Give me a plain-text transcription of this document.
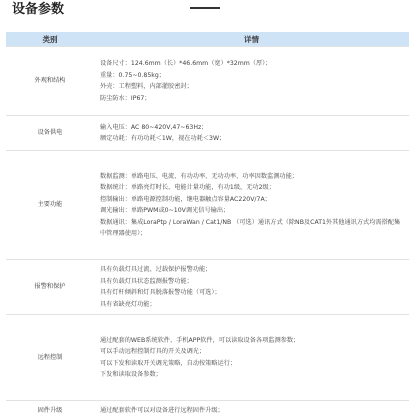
设备参数
类别	详情
外观和结构	设备尺寸：124.6mm（长）*46.6mm（宽）*32mm（厚）；
重量：0.75~0.85kg；
外壳：工程塑料，内部灌胶密封；
防尘防水：IP67；

设备供电	输入电压：AC 80~420V,47~63Hz；
额定功耗：有功功耗＜1W，视在功耗＜3W；

主要功能	数据监测：单路电压、电流、有功功率、无功功率、功率因数监测功能；
数据统计：单路亮灯时长、电能计量功能，有功1级，无功2级；
控制输出：单路电源控制功能，继电器触点容量AC220V/7A；
调光输出：单路PWM或0~10V调光信号输出；
数据通讯：集成LoraPtp / LoraWan / Cat1/NB （可选）通讯方式（除NB及CAT1外其他通讯方式均需搭配集中管理器使用）；

报警和保护	具有负载灯具过流、过载保护报警功能；
具有负载灯具状态监测报警功能；
具有灯杆倾斜和灯具脱落报警功能（可选）；
具有省缺亮灯功能；

远程控制	通过配套的WEB系统软件、手机APP软件，可以读取设备各项监测参数；
可以手动远程控制灯具的开关及调光；
可以下发和读取开关调光策略，自动按策略运行；
下发和读取设备参数；

固件升级	通过配套软件可以对设备进行远程固件升级；
